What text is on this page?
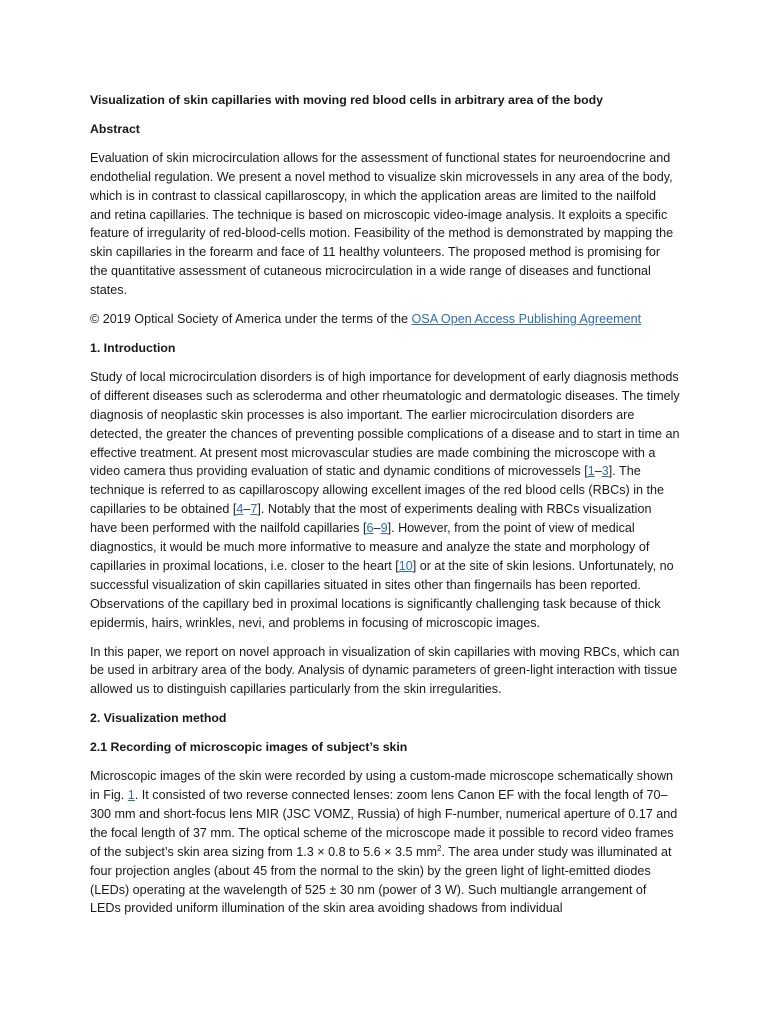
Visualization of skin capillaries with moving red blood cells in arbitrary area of the body

Abstract

Evaluation of skin microcirculation allows for the assessment of functional states for neuroendocrine and endothelial regulation. We present a novel method to visualize skin microvessels in any area of the body, which is in contrast to classical capillaroscopy, in which the application areas are limited to the nailfold and retina capillaries. The technique is based on microscopic video-image analysis. It exploits a specific feature of irregularity of red-blood-cells motion. Feasibility of the method is demonstrated by mapping the skin capillaries in the forearm and face of 11 healthy volunteers. The proposed method is promising for the quantitative assessment of cutaneous microcirculation in a wide range of diseases and functional states.

© 2019 Optical Society of America under the terms of the OSA Open Access Publishing Agreement

1. Introduction

Study of local microcirculation disorders is of high importance for development of early diagnosis methods of different diseases such as scleroderma and other rheumatologic and dermatologic diseases. The timely diagnosis of neoplastic skin processes is also important. The earlier microcirculation disorders are detected, the greater the chances of preventing possible complications of a disease and to start in time an effective treatment. At present most microvascular studies are made combining the microscope with a video camera thus providing evaluation of static and dynamic conditions of microvessels [1–3]. The technique is referred to as capillaroscopy allowing excellent images of the red blood cells (RBCs) in the capillaries to be obtained [4–7]. Notably that the most of experiments dealing with RBCs visualization have been performed with the nailfold capillaries [6–9]. However, from the point of view of medical diagnostics, it would be much more informative to measure and analyze the state and morphology of capillaries in proximal locations, i.e. closer to the heart [10] or at the site of skin lesions. Unfortunately, no successful visualization of skin capillaries situated in sites other than fingernails has been reported. Observations of the capillary bed in proximal locations is significantly challenging task because of thick epidermis, hairs, wrinkles, nevi, and problems in focusing of microscopic images.

In this paper, we report on novel approach in visualization of skin capillaries with moving RBCs, which can be used in arbitrary area of the body. Analysis of dynamic parameters of green-light interaction with tissue allowed us to distinguish capillaries particularly from the skin irregularities.

2. Visualization method

2.1 Recording of microscopic images of subject’s skin

Microscopic images of the skin were recorded by using a custom-made microscope schematically shown in Fig. 1. It consisted of two reverse connected lenses: zoom lens Canon EF with the focal length of 70–300 mm and short-focus lens MIR (JSC VOMZ, Russia) of high F-number, numerical aperture of 0.17 and the focal length of 37 mm. The optical scheme of the microscope made it possible to record video frames of the subject’s skin area sizing from 1.3 × 0.8 to 5.6 × 3.5 $mm^2$. The area under study was illuminated at four projection angles (about 45 from the normal to the skin) by the green light of light-emitted diodes (LEDs) operating at the wavelength of 525 ± 30 nm (power of 3 W). Such multiangle arrangement of LEDs provided uniform illumination of the skin area avoiding shadows from individual
